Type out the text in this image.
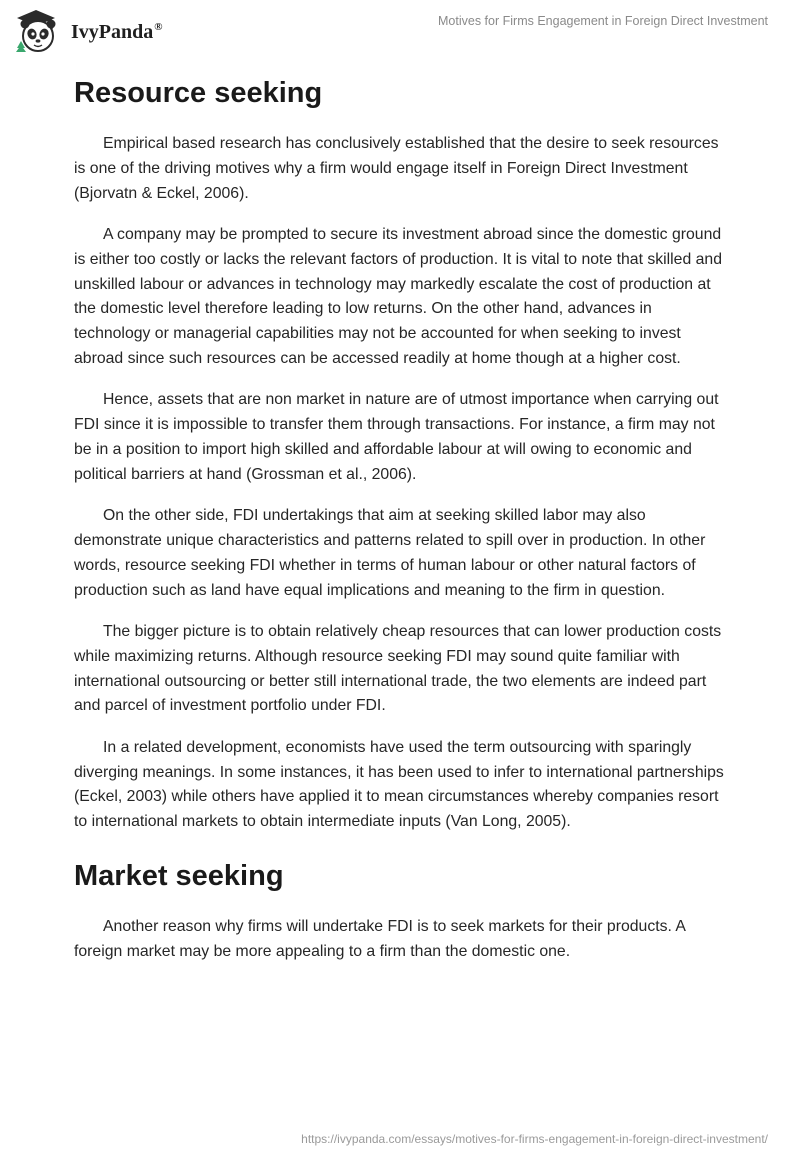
IvyPanda®	Motives for Firms Engagement in Foreign Direct Investment
Resource seeking

Empirical based research has conclusively established that the desire to seek resources is one of the driving motives why a firm would engage itself in Foreign Direct Investment (Bjorvatn & Eckel, 2006).

A company may be prompted to secure its investment abroad since the domestic ground is either too costly or lacks the relevant factors of production. It is vital to note that skilled and unskilled labour or advances in technology may markedly escalate the cost of production at the domestic level therefore leading to low returns. On the other hand, advances in technology or managerial capabilities may not be accounted for when seeking to invest abroad since such resources can be accessed readily at home though at a higher cost.

Hence, assets that are non market in nature are of utmost importance when carrying out FDI since it is impossible to transfer them through transactions. For instance, a firm may not be in a position to import high skilled and affordable labour at will owing to economic and political barriers at hand (Grossman et al., 2006).

On the other side, FDI undertakings that aim at seeking skilled labor may also demonstrate unique characteristics and patterns related to spill over in production. In other words, resource seeking FDI whether in terms of human labour or other natural factors of production such as land have equal implications and meaning to the firm in question.

The bigger picture is to obtain relatively cheap resources that can lower production costs while maximizing returns. Although resource seeking FDI may sound quite familiar with international outsourcing or better still international trade, the two elements are indeed part and parcel of investment portfolio under FDI.

In a related development, economists have used the term outsourcing with sparingly diverging meanings. In some instances, it has been used to infer to international partnerships (Eckel, 2003) while others have applied it to mean circumstances whereby companies resort to international markets to obtain intermediate inputs (Van Long, 2005).

Market seeking

Another reason why firms will undertake FDI is to seek markets for their products. A foreign market may be more appealing to a firm than the domestic one.

https://ivypanda.com/essays/motives-for-firms-engagement-in-foreign-direct-investment/
